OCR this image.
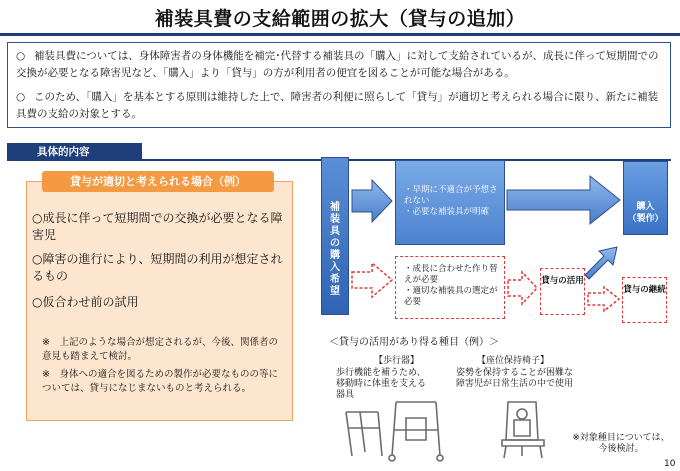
補装具費の支給範囲の拡大（貸与の追加）

○ 補装具費については、身体障害者の身体機能を補完･代替する補装具の「購入」に対して支給されているが、成長に伴って短期間での交換が必要となる障害児など、「購入」より「貸与」の方が利用者の便宜を図ることが可能な場合がある。

○ このため、「購入」を基本とする原則は維持した上で、障害者の利便に照らして「貸与」が適切と考えられる場合に限り、新たに補装具費の支給の対象とする。

具体的内容
貸与が適切と考えられる場合（例）

○成長に伴って短期間での交換が必要となる障害児

○障害の進行により、短期間の利用が想定されるもの

○仮合わせ前の試用

※　上記のような場合が想定されるが、今後、関係者の意見も踏まえて検討。
※　身体への適合を図るための製作が必要なものの等については、貸与になじまないものと考えられる。
補装具の購入希望
・早期に不適合が予想されない
・必要な補装具が明確	購入
（製作）
・成長に合わせた作り替えが必要
・適切な補装具の選定が必要
貸与の活用
貸与の継続
＜貸与の活用があり得る種目（例）＞
【歩行器】
歩行機能を補うため、移動時に体重を支える器具
【座位保持椅子】
姿勢を保持することが困難な障害児が日常生活の中で使用
※対象種目については、今後検討。
10
